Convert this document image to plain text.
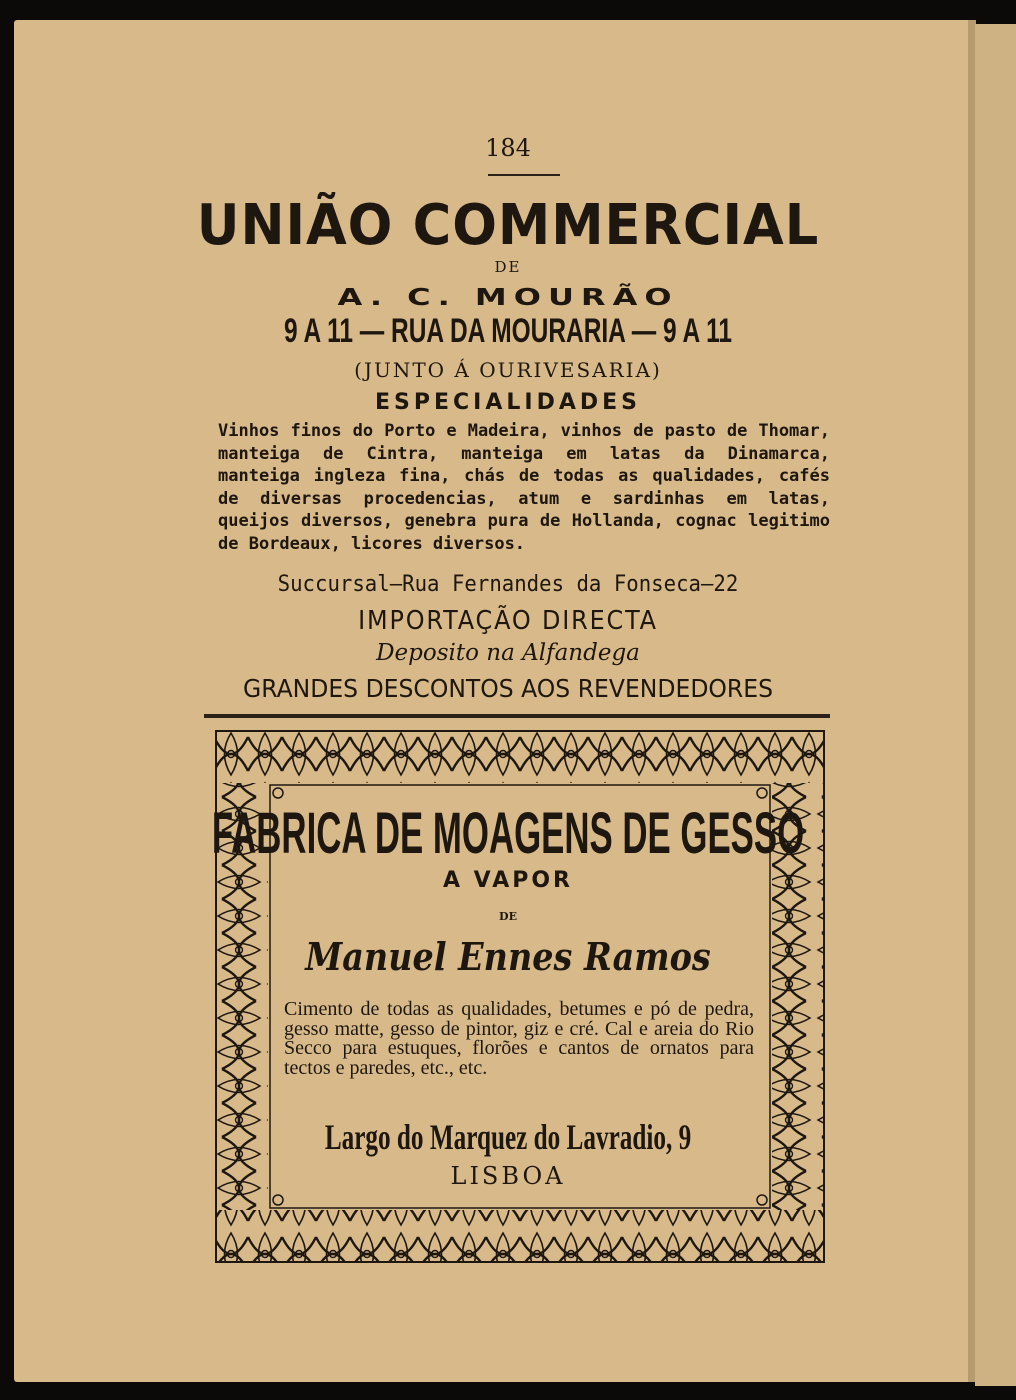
184
UNIÃO COMMERCIAL
DE
A. C. MOURÃO
9 A 11 — RUA DA MOURARIA — 9 A 11
(JUNTO Á OURIVESARIA)
ESPECIALIDADES
Vinhos finos do Porto e Madeira, vinhos de pasto de Thomar, manteiga de Cintra, manteiga em latas da Dinamarca, manteiga ingleza fina, chás de todas as qualidades, cafés de diversas procedencias, atum e sardinhas em latas, queijos diversos, genebra pura de Hollanda, cognac legitimo de Bordeaux, licores diversos.
Succursal—Rua Fernandes da Fonseca—22
IMPORTAÇÃO DIRECTA
Deposito na Alfandega
GRANDES DESCONTOS AOS REVENDEDORES
FABRICA DE MOAGENS DE GESSO
A VAPOR
DE
Manuel Ennes Ramos
Cimento de todas as qualidades, betumes e pó de pedra, gesso matte, gesso de pintor, giz e cré. Cal e areia do Rio Secco para estuques, florões e cantos de ornatos para tectos e paredes, etc., etc.
Largo do Marquez do Lavradio, 9
LISBOA
